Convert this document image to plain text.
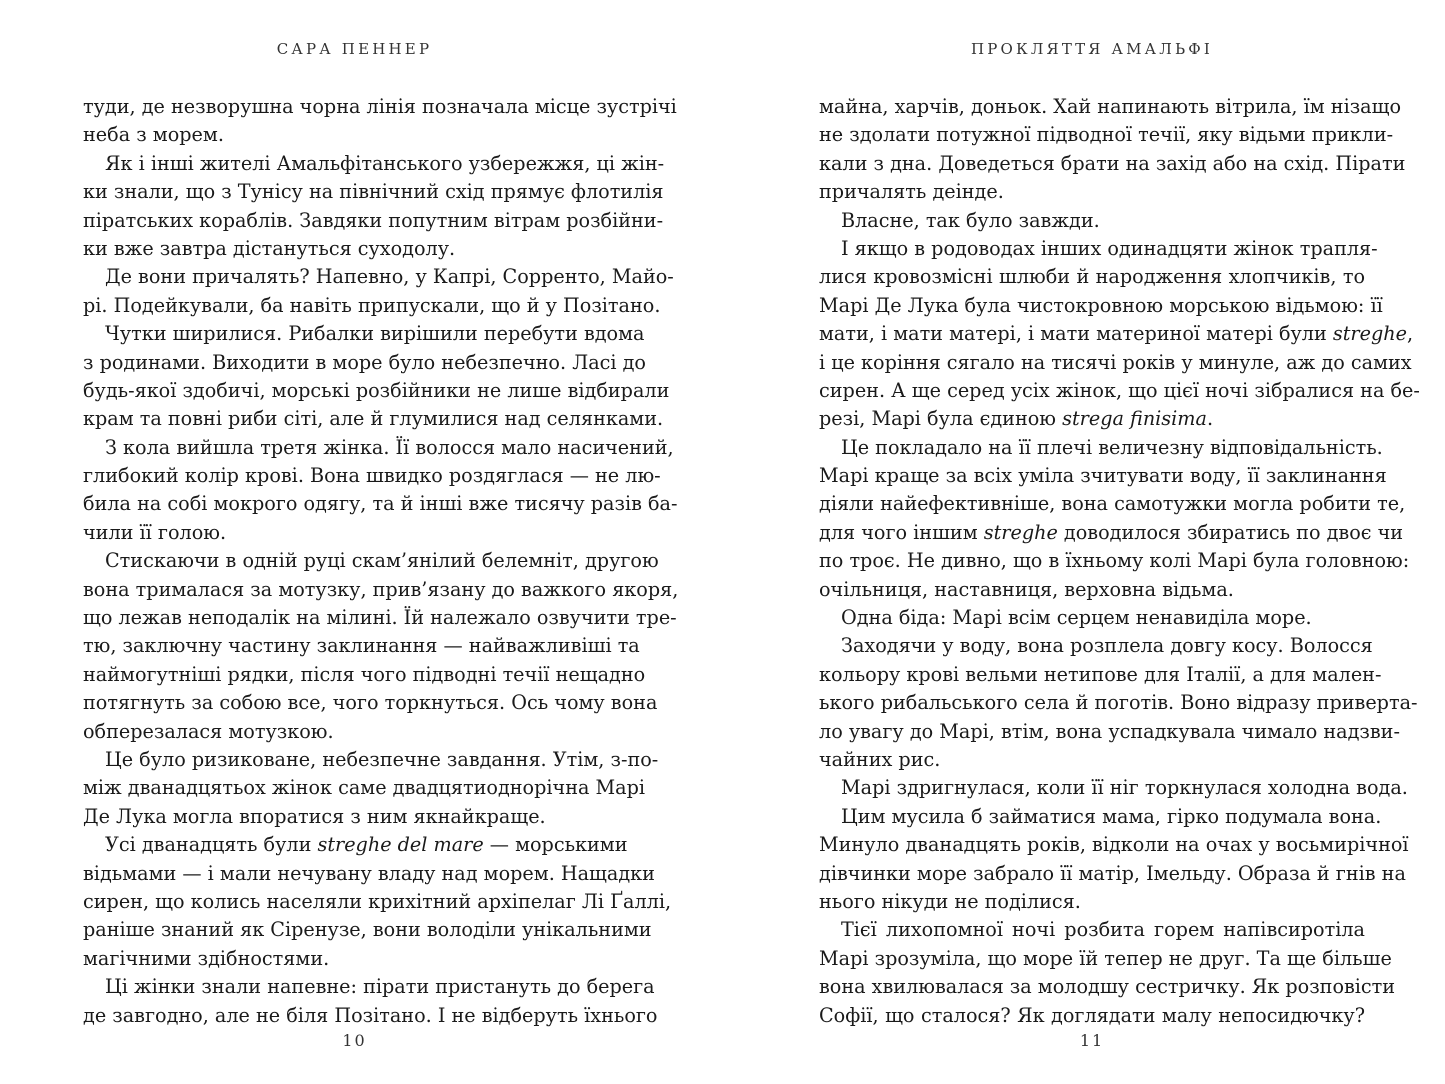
САРА ПЕННЕР
туди, де незворушна чорна лінія позначала місце зустрічі
неба з морем.
Як і інші жителі Амальфітанського узбережжя, ці жін-
ки знали, що з Тунісу на північний схід прямує флотилія
піратських кораблів. Завдяки попутним вітрам розбійни-
ки вже завтра дістануться суходолу.
Де вони причалять? Напевно, у Капрі, Сорренто, Майо-
рі. Подейкували, ба навіть припускали, що й у Позітано.
Чутки ширилися. Рибалки вирішили перебути вдома
з родинами. Виходити в море було небезпечно. Ласі до
будь-якої здобичі, морські розбійники не лише відбирали
крам та повні риби сіті, але й глумилися над селянками.
З кола вийшла третя жінка. Її волосся мало насичений,
глибокий колір крові. Вона швидко роздяглася — не лю-
била на собі мокрого одягу, та й інші вже тисячу разів ба-
чили її голою.
Стискаючи в одній руці скам’янілий белемніт, другою
вона трималася за мотузку, прив’язану до важкого якоря,
що лежав неподалік на мілині. Їй належало озвучити тре-
тю, заключну частину заклинання — найважливіші та
наймогутніші рядки, після чого підводні течії нещадно
потягнуть за собою все, чого торкнуться. Ось чому вона
обперезалася мотузкою.
Це було ризиковане, небезпечне завдання. Утім, з-по-
між дванадцятьох жінок саме двадцятиоднорічна Марі
Де Лука могла впоратися з ним якнайкраще.
Усі дванадцять були streghe del mare — морськими
відьмами — і мали нечувану владу над морем. Нащадки
сирен, що колись населяли крихітний архіпелаг Лі Ґаллі,
раніше знаний як Сіренузе, вони володіли унікальними
магічними здібностями.
Ці жінки знали напевне: пірати пристануть до берега
де завгодно, але не біля Позітано. І не відберуть їхнього
10
ПРОКЛЯТТЯ АМАЛЬФІ
майна, харчів, доньок. Хай напинають вітрила, їм нізащо
не здолати потужної підводної течії, яку відьми прикли-
кали з дна. Доведеться брати на захід або на схід. Пірати
причалять деінде.
Власне, так було завжди.
І якщо в родоводах інших одинадцяти жінок трапля-
лися кровозмісні шлюби й народження хлопчиків, то
Марі Де Лука була чистокровною морською відьмою: її
мати, і мати матері, і мати материної матері були streghe,
і це коріння сягало на тисячі років у минуле, аж до самих
сирен. А ще серед усіх жінок, що цієї ночі зібралися на бе-
резі, Марі була єдиною strega finisima.
Це покладало на її плечі величезну відповідальність.
Марі краще за всіх уміла зчитувати воду, її заклинання
діяли найефективніше, вона самотужки могла робити те,
для чого іншим streghe доводилося збиратись по двоє чи
по троє. Не дивно, що в їхньому колі Марі була головною:
очільниця, наставниця, верховна відьма.
Одна біда: Марі всім серцем ненавиділа море.
Заходячи у воду, вона розплела довгу косу. Волосся
кольору крові вельми нетипове для Італії, а для мален-
ького рибальського села й поготів. Воно відразу приверта-
ло увагу до Марі, втім, вона успадкувала чимало надзви-
чайних рис.
Марі здригнулася, коли її ніг торкнулася холодна вода.
Цим мусила б займатися мама, гірко подумала вона.
Минуло дванадцять років, відколи на очах у восьмирічної
дівчинки море забрало її матір, Імельду. Образа й гнів на
нього нікуди не поділися.
Тієї лихопомної ночі розбита горем напівсиротіла
Марі зрозуміла, що море їй тепер не друг. Та ще більше
вона хвилювалася за молодшу сестричку. Як розповісти
Софії, що сталося? Як доглядати малу непосидючку?
11
